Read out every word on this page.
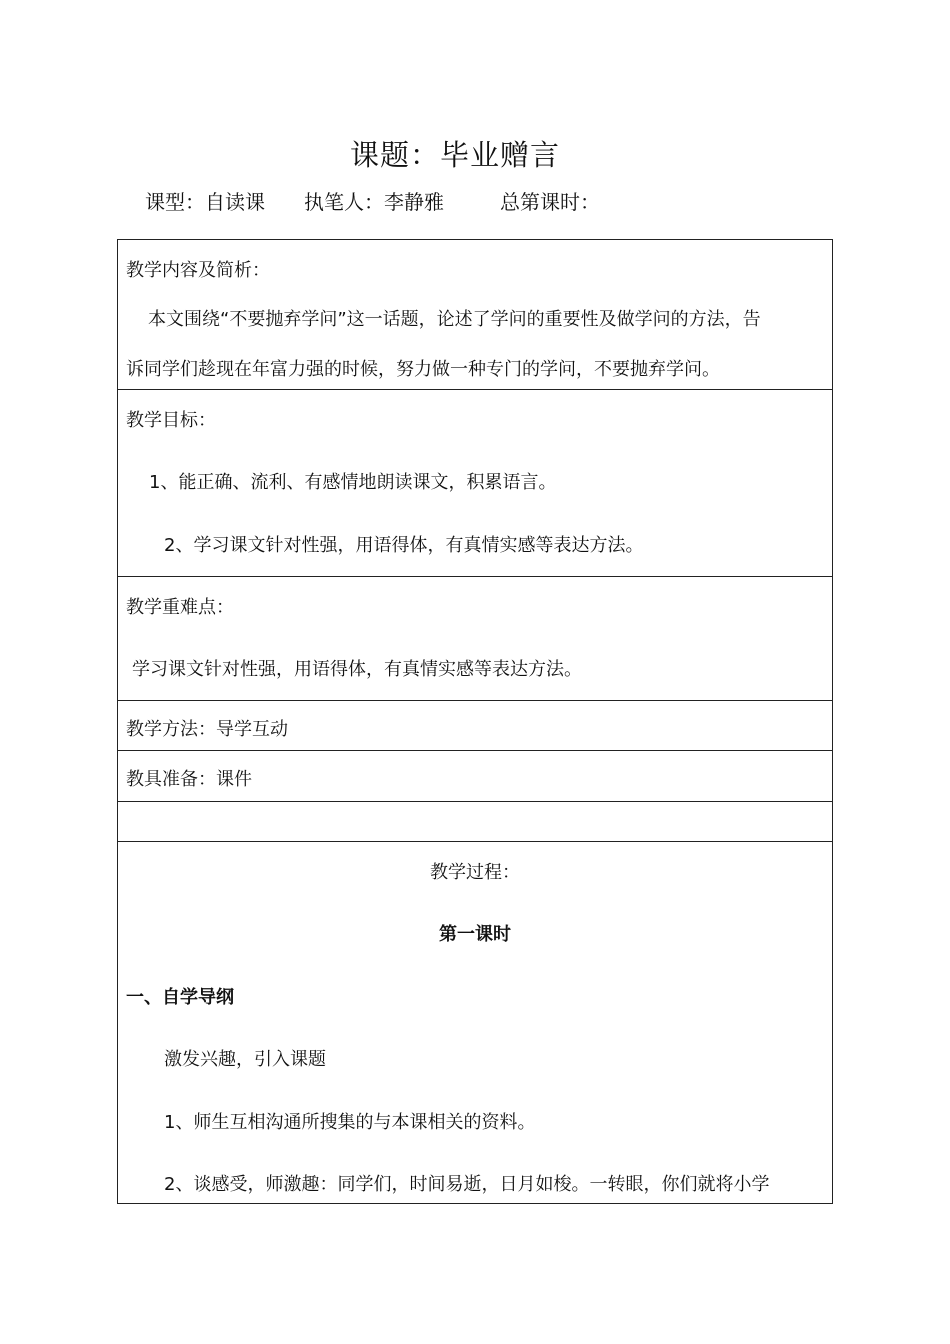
课题：毕业赠言
课型：自读课 执笔人：李静雅	总第课时：
教学内容及简析：
本文围绕“不要抛弃学问”这一话题，论述了学问的重要性及做学问的方法，告
诉同学们趁现在年富力强的时候，努力做一种专门的学问，不要抛弃学问。
教学目标：
1、能正确、流利、有感情地朗读课文，积累语言。
2、学习课文针对性强，用语得体，有真情实感等表达方法。
教学重难点：
学习课文针对性强，用语得体，有真情实感等表达方法。
教学方法：导学互动
教具准备：课件
教学过程：
第一课时
一、自学导纲
激发兴趣，引入课题
1、师生互相沟通所搜集的与本课相关的资料。
2、谈感受，师激趣：同学们，时间易逝，日月如梭。一转眼，你们就将小学
